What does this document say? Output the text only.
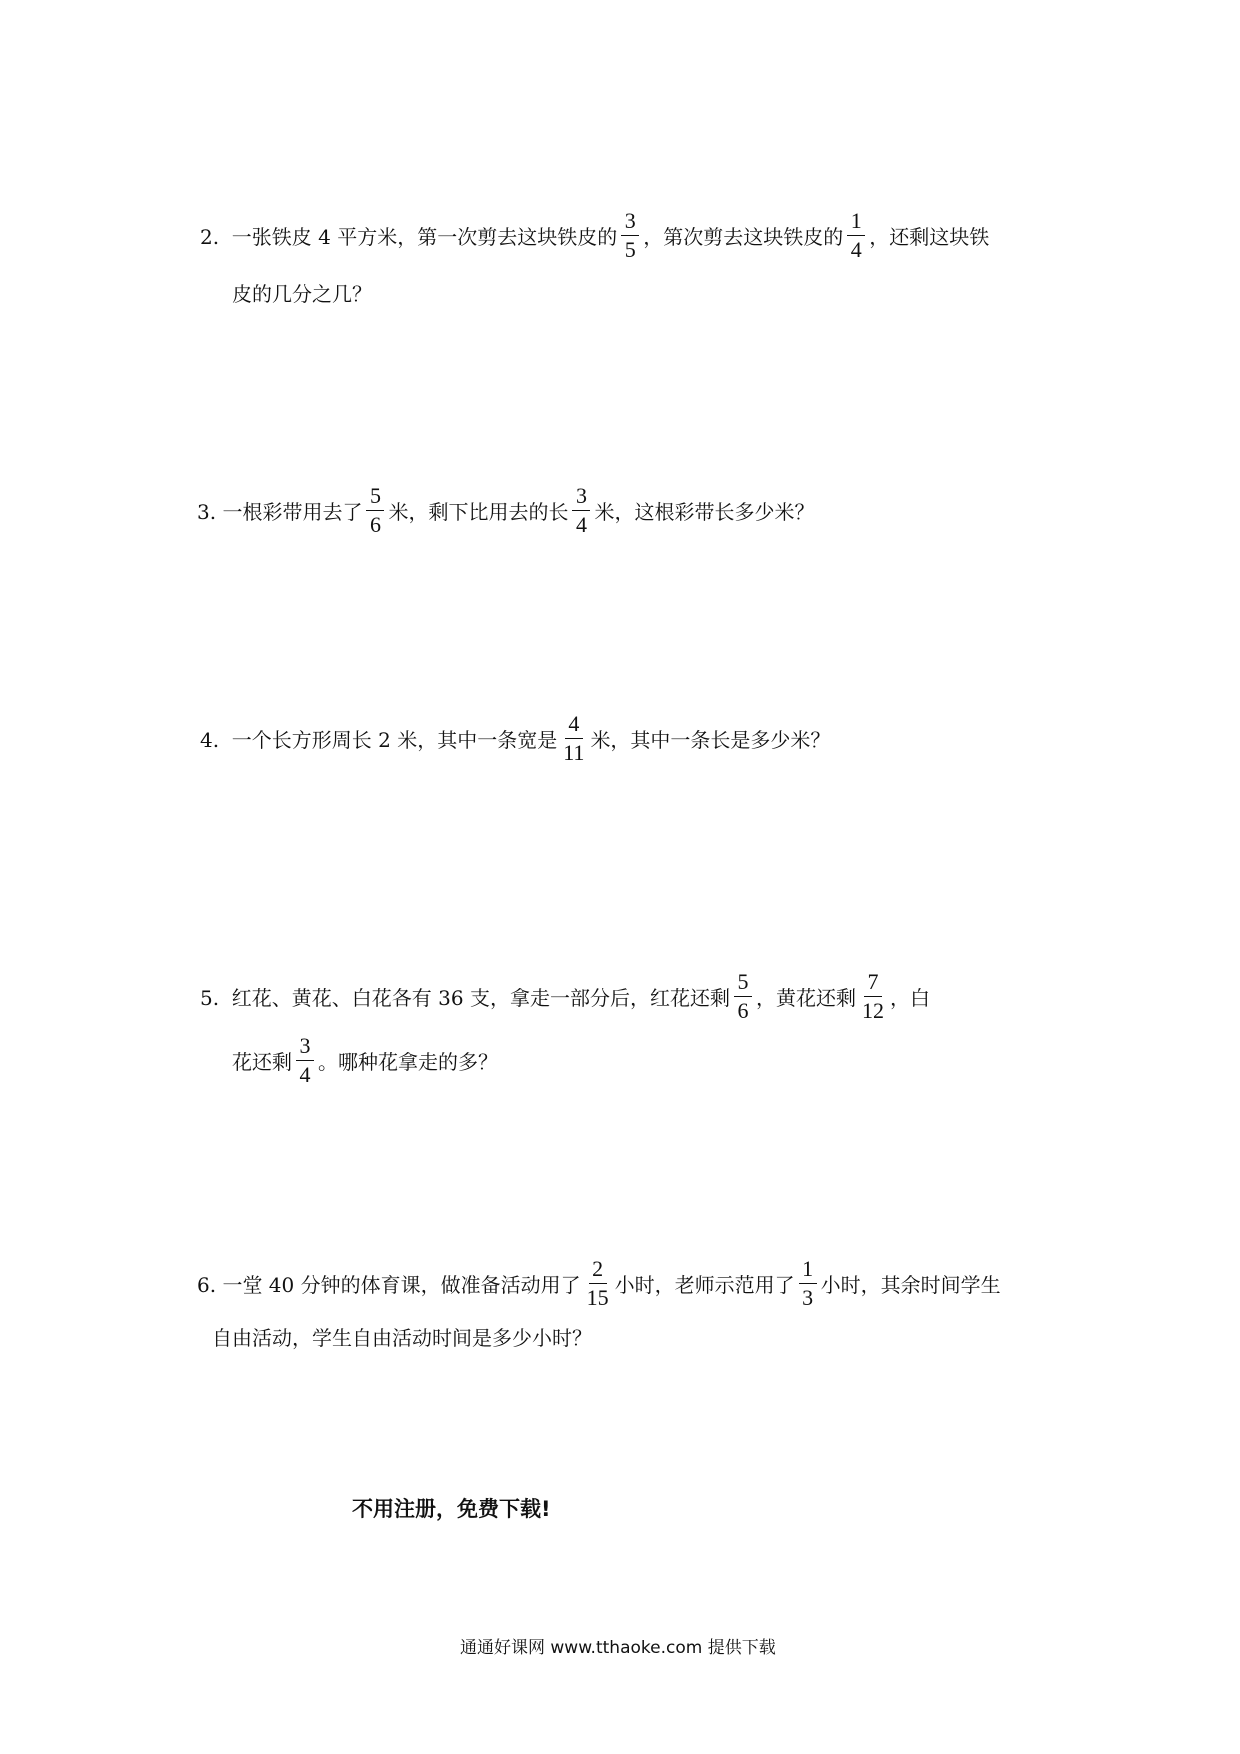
2.  一张铁皮 4 平方米，第一次剪去这块铁皮的 $\frac{3}{5}$ ，第次剪去这块铁皮的 $\frac{1}{4}$ ，还剩这块铁
皮的几分之几？
3. 一根彩带用去了 $\frac{5}{6}$ 米，剩下比用去的长 $\frac{3}{4}$ 米，这根彩带长多少米？
4.  一个长方形周长 2 米，其中一条宽是 $\frac{4}{11}$ 米，其中一条长是多少米？
5.  红花、黄花、白花各有 36 支，拿走一部分后，红花还剩 $\frac{5}{6}$ ，黄花还剩 $\frac{7}{12}$ ，白
花还剩 $\frac{3}{4}$ 。哪种花拿走的多？
6. 一堂 40 分钟的体育课，做准备活动用了 $\frac{2}{15}$ 小时，老师示范用了 $\frac{1}{3}$ 小时，其余时间学生
自由活动，学生自由活动时间是多少小时？
不用注册，免费下载!
通通好课网 www.tthaoke.com 提供下载
